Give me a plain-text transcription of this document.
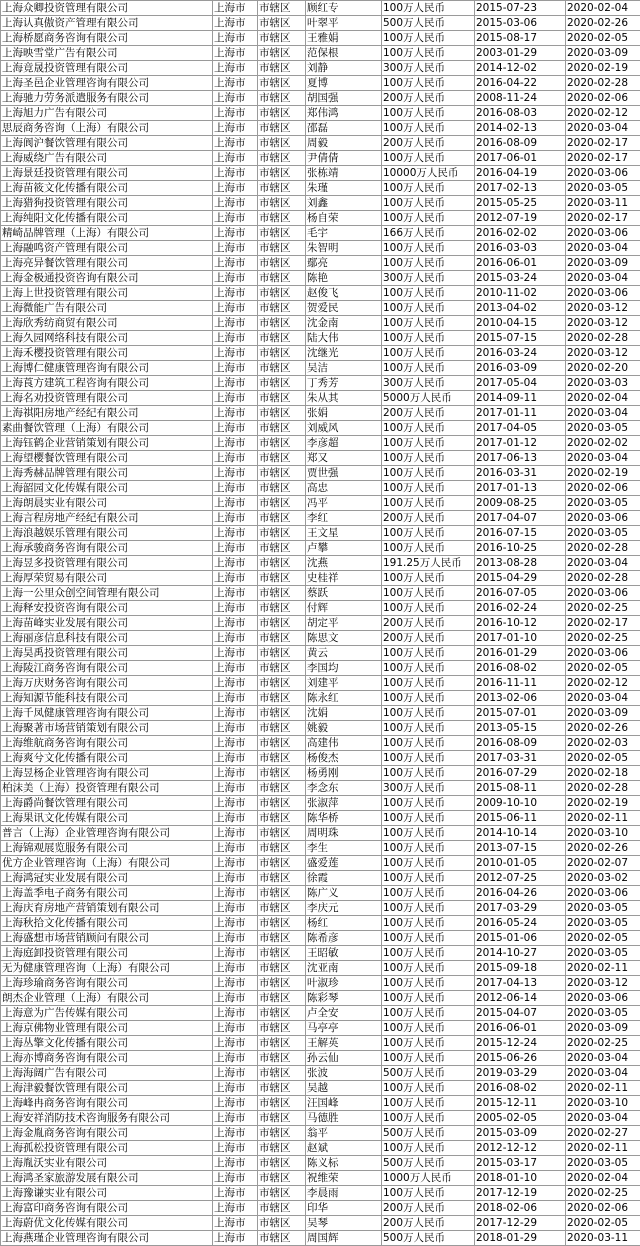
上海众卿投资管理有限公司	上海市	市辖区	顾红专	100万人民币	2015-07-23	2020-02-04
上海认真傲资产管理有限公司	上海市	市辖区	叶翠平	500万人民币	2015-03-06	2020-02-26
上海桥愿商务咨询有限公司	上海市	市辖区	王雅娟	100万人民币	2015-08-17	2020-02-05
上海映雪堂广告有限公司	上海市	市辖区	范保根	100万人民币	2003-01-29	2020-03-09
上海竟晟投资管理有限公司	上海市	市辖区	刘静	300万人民币	2014-12-02	2020-02-19
上海圣邑企业管理咨询有限公司	上海市	市辖区	夏博	100万人民币	2016-04-22	2020-02-28
上海驰力劳务派遣服务有限公司	上海市	市辖区	胡国强	200万人民币	2008-11-24	2020-02-06
上海旭力广告有限公司	上海市	市辖区	郑伟鸿	100万人民币	2016-08-03	2020-02-12
思辰商务咨询（上海）有限公司	上海市	市辖区	邵磊	100万人民币	2014-02-13	2020-03-04
上海阆沪餐饮管理有限公司	上海市	市辖区	周毅	200万人民币	2016-08-09	2020-02-17
上海威绕广告有限公司	上海市	市辖区	尹倩倩	100万人民币	2017-06-01	2020-02-17
上海景廷投资管理有限公司	上海市	市辖区	张栋靖	10000万人民币	2016-04-19	2020-03-06
上海苗筱文化传播有限公司	上海市	市辖区	朱瑾	100万人民币	2017-02-13	2020-03-05
上海猎狗投资管理有限公司	上海市	市辖区	刘鑫	100万人民币	2015-05-25	2020-03-11
上海纯阳文化传播有限公司	上海市	市辖区	杨自荣	100万人民币	2012-07-19	2020-02-17
精崎品牌管理（上海）有限公司	上海市	市辖区	毛宇	166万人民币	2016-02-02	2020-03-06
上海融鸣资产管理有限公司	上海市	市辖区	朱智明	100万人民币	2016-03-03	2020-03-04
上海亮异餐饮管理有限公司	上海市	市辖区	鄢亮	100万人民币	2016-06-01	2020-03-09
上海金极通投资咨询有限公司	上海市	市辖区	陈艳	300万人民币	2015-03-24	2020-03-04
上海上世投资管理有限公司	上海市	市辖区	赵俊飞	100万人民币	2010-11-02	2020-03-06
上海微能广告有限公司	上海市	市辖区	贺爱民	100万人民币	2013-04-02	2020-03-12
上海欣秀纺商贸有限公司	上海市	市辖区	沈金南	100万人民币	2010-04-15	2020-03-12
上海久园网络科技有限公司	上海市	市辖区	陆大伟	100万人民币	2015-07-15	2020-02-28
上海禾樱投资管理有限公司	上海市	市辖区	沈继光	100万人民币	2016-03-24	2020-03-12
上海博仁健康管理咨询有限公司	上海市	市辖区	吴洁	100万人民币	2016-03-09	2020-02-20
上海莨方建筑工程咨询有限公司	上海市	市辖区	丁秀芳	300万人民币	2017-05-04	2020-03-03
上海名劝投资管理有限公司	上海市	市辖区	朱从其	5000万人民币	2014-09-11	2020-02-04
上海祺阳房地产经纪有限公司	上海市	市辖区	张娟	200万人民币	2017-01-11	2020-03-04
素曲餐饮管理（上海）有限公司	上海市	市辖区	刘威风	100万人民币	2017-04-05	2020-03-05
上海钰鹤企业营销策划有限公司	上海市	市辖区	李彦超	100万人民币	2017-01-12	2020-02-02
上海望樱餐饮管理有限公司	上海市	市辖区	郑又	100万人民币	2017-06-13	2020-03-04
上海秀赫品牌管理有限公司	上海市	市辖区	贾世强	100万人民币	2016-03-31	2020-02-19
上海韶园文化传媒有限公司	上海市	市辖区	高忠	100万人民币	2017-01-13	2020-02-06
上海朗晨实业有限公司	上海市	市辖区	冯平	100万人民币	2009-08-25	2020-03-05
上海言程房地产经纪有限公司	上海市	市辖区	李红	200万人民币	2017-04-07	2020-03-06
上海浪越娱乐管理有限公司	上海市	市辖区	王文星	100万人民币	2016-07-15	2020-03-05
上海承骏商务咨询有限公司	上海市	市辖区	卢攀	100万人民币	2016-10-25	2020-02-28
上海昱多投资管理有限公司	上海市	市辖区	沈燕	191.25万人民币	2013-08-28	2020-03-04
上海厚荣贸易有限公司	上海市	市辖区	史桂祥	100万人民币	2015-04-29	2020-02-28
上海一公里众创空间管理有限公司	上海市	市辖区	蔡跃	100万人民币	2016-07-05	2020-03-06
上海释安投资咨询有限公司	上海市	市辖区	付辉	100万人民币	2016-02-24	2020-02-25
上海苗峰实业发展有限公司	上海市	市辖区	胡定平	200万人民币	2016-10-12	2020-02-17
上海丽彦信息科技有限公司	上海市	市辖区	陈思文	200万人民币	2017-01-10	2020-02-25
上海昊禹投资管理有限公司	上海市	市辖区	黄云	100万人民币	2016-01-29	2020-03-06
上海陵江商务咨询有限公司	上海市	市辖区	李国均	100万人民币	2016-08-02	2020-02-05
上海万庆财务咨询有限公司	上海市	市辖区	刘建平	100万人民币	2016-11-11	2020-02-12
上海知源节能科技有限公司	上海市	市辖区	陈永红	100万人民币	2013-02-06	2020-03-04
上海千凤健康管理咨询有限公司	上海市	市辖区	沈娟	100万人民币	2015-07-01	2020-03-09
上海聚著市场营销策划有限公司	上海市	市辖区	姚毅	100万人民币	2013-05-15	2020-02-26
上海维航商务咨询有限公司	上海市	市辖区	高建伟	100万人民币	2016-08-09	2020-02-03
上海爽兮文化传播有限公司	上海市	市辖区	杨俊杰	100万人民币	2017-03-31	2020-02-05
上海昱杨企业管理咨询有限公司	上海市	市辖区	杨勇刚	100万人民币	2016-07-29	2020-02-18
柏沫美（上海）投资管理有限公司	上海市	市辖区	李念东	300万人民币	2015-08-11	2020-02-28
上海爵尚餐饮管理有限公司	上海市	市辖区	张淑萍	100万人民币	2009-10-10	2020-02-19
上海果讯文化传媒有限公司	上海市	市辖区	陈华桥	100万人民币	2015-06-11	2020-02-11
普言（上海）企业管理咨询有限公司	上海市	市辖区	周明珠	100万人民币	2014-10-14	2020-03-10
上海锦观展览服务有限公司	上海市	市辖区	李生	100万人民币	2013-07-15	2020-02-26
优方企业管理咨询（上海）有限公司	上海市	市辖区	盛爱莲	100万人民币	2010-01-05	2020-02-07
上海鸿冠实业发展有限公司	上海市	市辖区	徐霞	100万人民币	2012-07-25	2020-03-02
上海盖季电子商务有限公司	上海市	市辖区	陈广义	100万人民币	2016-04-26	2020-03-06
上海庆育房地产营销策划有限公司	上海市	市辖区	李庆元	100万人民币	2017-03-29	2020-03-05
上海秋拾文化传播有限公司	上海市	市辖区	杨红	100万人民币	2016-05-24	2020-03-05
上海盛想市场营销顾问有限公司	上海市	市辖区	陈希彦	100万人民币	2015-01-06	2020-02-05
上海庭卸投资管理有限公司	上海市	市辖区	王昭敏	100万人民币	2014-10-27	2020-03-05
无为健康管理咨询（上海）有限公司	上海市	市辖区	沈亚南	100万人民币	2015-09-18	2020-02-11
上海珍瑜商务咨询有限公司	上海市	市辖区	叶淑珍	100万人民币	2017-04-13	2020-03-12
朗杰企业管理（上海）有限公司	上海市	市辖区	陈彩琴	100万人民币	2012-06-14	2020-03-06
上海意为广告传媒有限公司	上海市	市辖区	卢全安	100万人民币	2015-04-07	2020-03-05
上海京佛物业管理有限公司	上海市	市辖区	马亭亭	100万人民币	2016-06-01	2020-03-09
上海丛擎文化传播有限公司	上海市	市辖区	王解英	100万人民币	2015-12-24	2020-02-25
上海亦博商务咨询有限公司	上海市	市辖区	孙云仙	100万人民币	2015-06-26	2020-03-04
上海海阔广告有限公司	上海市	市辖区	张波	500万人民币	2019-03-29	2020-03-04
上海津毅餐饮管理有限公司	上海市	市辖区	吴越	100万人民币	2016-08-02	2020-02-11
上海峰冉商务咨询有限公司	上海市	市辖区	汪国峰	100万人民币	2015-12-11	2020-03-10
上海安祥消防技术咨询服务有限公司	上海市	市辖区	马德胜	100万人民币	2005-02-05	2020-03-04
上海金胤商务咨询有限公司	上海市	市辖区	翁平	500万人民币	2015-03-09	2020-02-27
上海孤松投资管理有限公司	上海市	市辖区	赵斌	100万人民币	2012-12-12	2020-02-11
上海胤沃实业有限公司	上海市	市辖区	陈义标	500万人民币	2015-03-17	2020-03-05
上海鸿圣家旅游发展有限公司	上海市	市辖区	祝维荣	1000万人民币	2018-01-10	2020-02-04
上海豫谦实业有限公司	上海市	市辖区	李晨雨	100万人民币	2017-12-19	2020-02-25
上海富印商务咨询有限公司	上海市	市辖区	印华	200万人民币	2018-02-06	2020-02-06
上海蔚优文化传媒有限公司	上海市	市辖区	吴琴	200万人民币	2017-12-29	2020-02-05
上海燕瑾企业管理咨询有限公司	上海市	市辖区	周国辉	500万人民币	2018-01-29	2020-03-11
